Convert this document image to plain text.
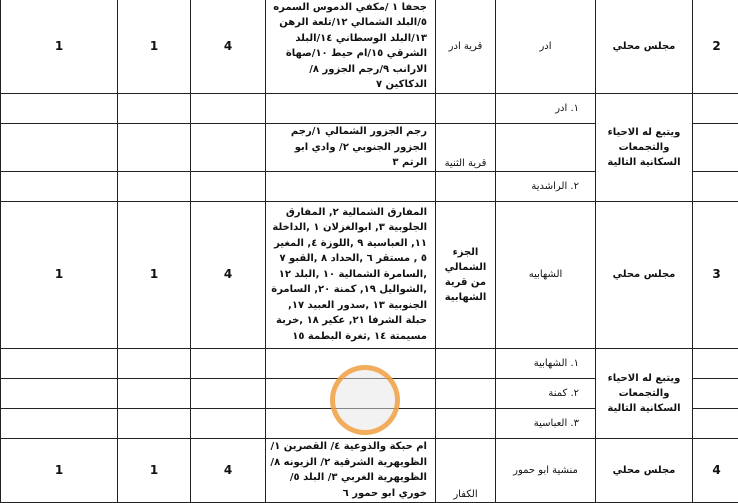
2	مجلس محلي	ادر	قرية ادر	جحفا ١ /مكفي الدموس السمره ٥/البلد الشمالي ١٢/تلعة الرهن ١٣/البلد الوسطاني ١٤/البلد الشرقي ١٥/ام حيط ١٠/صهاة الارانب ٩/رجم الجزور ٨/الدكاكين ٧	4	1	1
	ويتبع له الاحياء والتجمعات السكانية التالية	١. ادر					
			قرية الثنية	رجم الجزور الشمالي ١/رجم الجزور الجنوبي ٢/ وادي ابو الرتم ٣			
		٢. الراشدية					
3	مجلس محلي	الشهابيه	الجزء الشمالي من قرية الشهابية	المفارق الشمالية ٢, المفارق الجلوبية ٣, ابوالغزلان ١ ,الداخلة ١١, العباسية ٩ ,اللوزة ٤, المغير ٥ , مستقر ٦ ,الحداد ٨ ,القبو ٧ ,السامرة الشمالية ١٠ ,البلد ١٢ ,الشواليل ١٩, كمنة ٢٠, السامرة الجنوبية ١٣ ,سدور العبيد ١٧, حبلة الشرفا ٢١, عكير ١٨ ,خربة مسيمتة ١٤ ,ثغرة البطمة ١٥	4	1	1
	ويتبع له الاحياء والتجمعات السكانية التالية	١. الشهابية					
		٢. كمنة					
		٣. العباسية					
4	مجلس محلي	منشية ابو حمور	الكفار	ام حبكة والذوعية ٤/ القصرين ١/ الظويهرية الشرقية ٢/ الزيونه ٨/ الظويهرية الغربي ٣/ البلد ٥/ خوري ابو حمور ٦	4	1	1
